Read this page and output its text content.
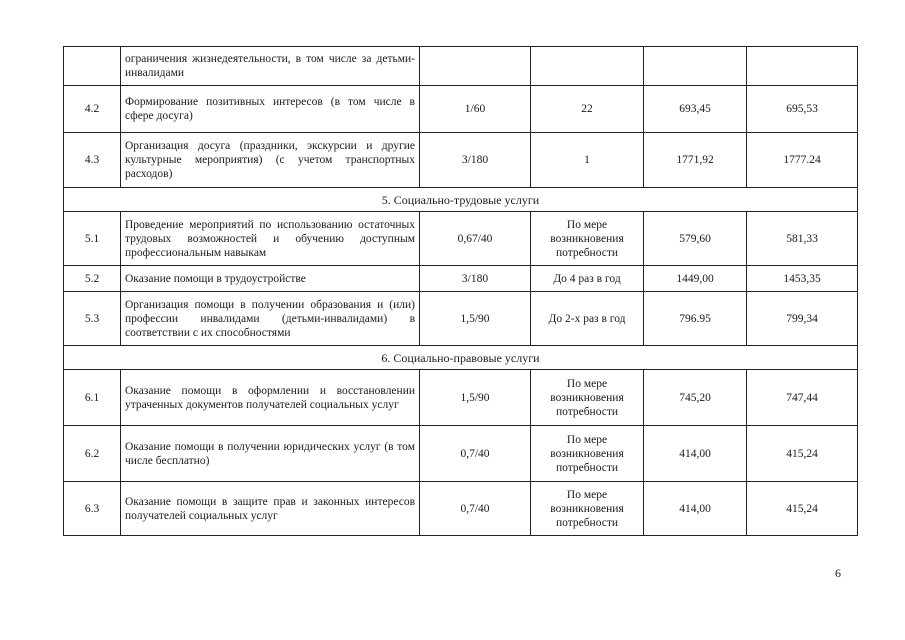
	ограничения жизнедеятельности, в том числе за детьми-инвалидами				
4.2	Формирование позитивных интересов (в том числе в сфере досуга)	1/60	22	693,45	695,53
4.3	Организация досуга (праздники, экскурсии и другие культурные мероприятия) (с учетом транспортных расходов)	3/180	1	1771,92	1777.24
5. Социально-трудовые услуги					
5.1	Проведение мероприятий по использованию остаточных трудовых возможностей и обучению доступным профессиональным навыкам	0,67/40	По мере возникновения потребности	579,60	581,33
5.2	Оказание помощи в трудоустройстве	3/180	До 4 раз в год	1449,00	1453,35
5.3	Организация помощи в получении образования и (или) профессии инвалидами (детьми-инвалидами) в соответствии с их способностями	1,5/90	До 2-х раз в год	796.95	799,34
6. Социально-правовые услуги					
6.1	Оказание помощи в оформлении и восстановлении утраченных документов получателей социальных услуг	1,5/90	По мере возникновения потребности	745,20	747,44
6.2	Оказание помощи в получении юридических услуг (в том числе бесплатно)	0,7/40	По мере возникновения потребности	414,00	415,24
6.3	Оказание помощи в защите прав и законных интересов получателей социальных услуг	0,7/40	По мере возникновения потребности	414,00	415,24
6
